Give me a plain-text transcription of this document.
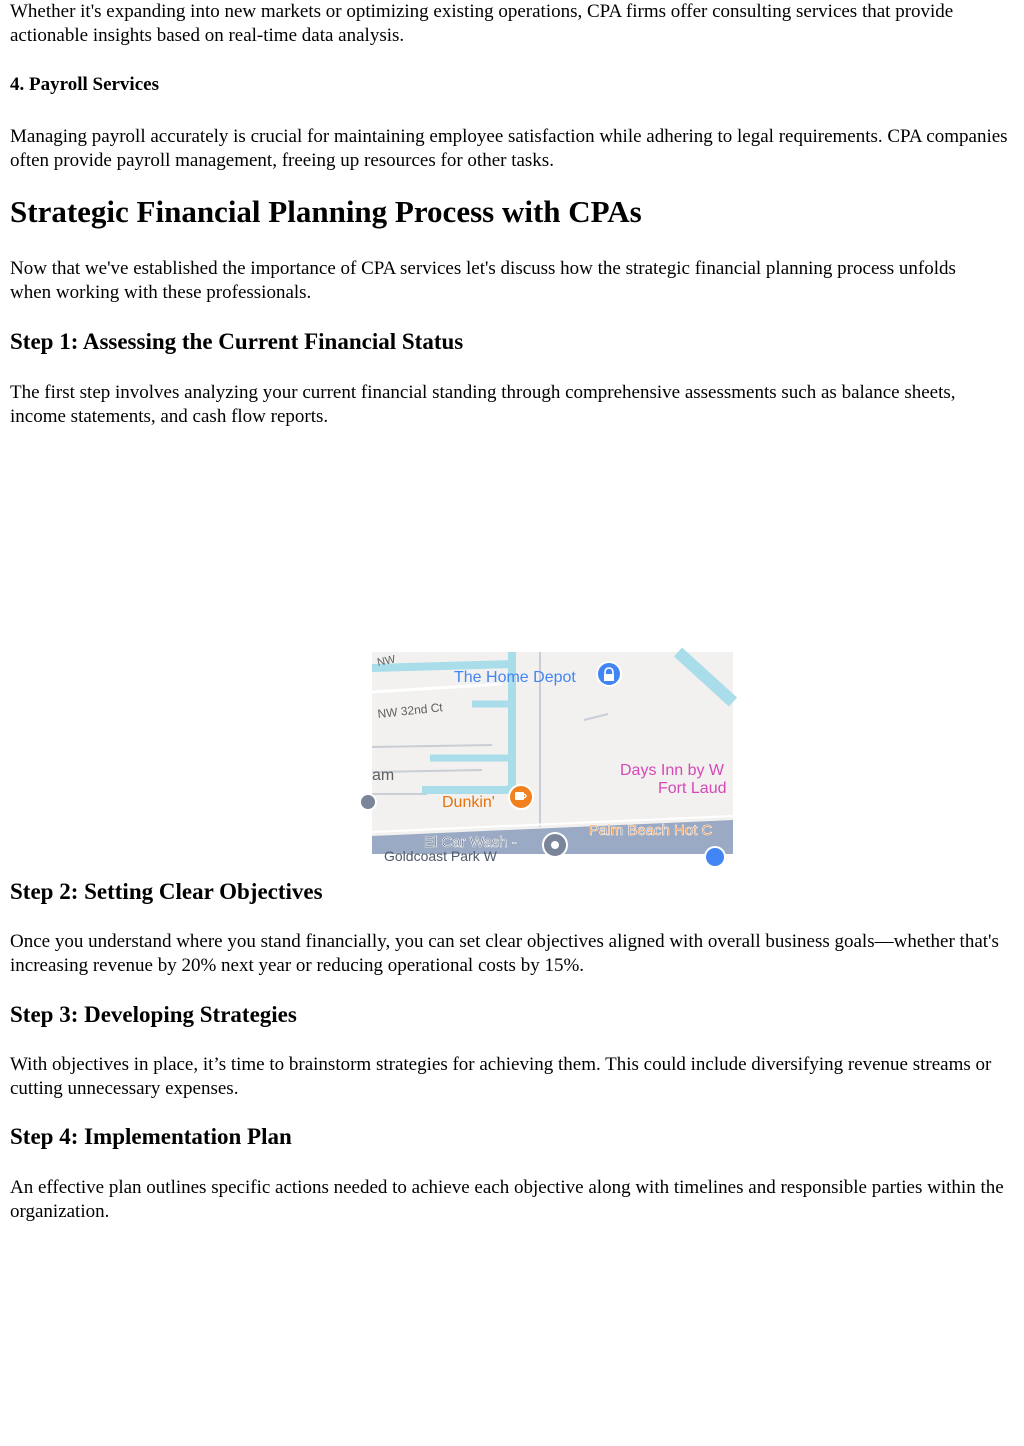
Whether it's expanding into new markets or optimizing existing operations, CPA firms offer consulting services that provide actionable insights based on real-time data analysis.

4. Payroll Services

Managing payroll accurately is crucial for maintaining employee satisfaction while adhering to legal requirements. CPA companies often provide payroll management, freeing up resources for other tasks.

Strategic Financial Planning Process with CPAs

Now that we've established the importance of CPA services let's discuss how the strategic financial planning process unfolds when working with these professionals.

Step 1: Assessing the Current Financial Status

The first step involves analyzing your current financial standing through comprehensive assessments such as balance sheets, income statements, and cash flow reports.

Step 2: Setting Clear Objectives

Once you understand where you stand financially, you can set clear objectives aligned with overall business goals—whether that's increasing revenue by 20% next year or reducing operational costs by 15%.

Step 3: Developing Strategies

With objectives in place, it’s time to brainstorm strategies for achieving them. This could include diversifying revenue streams or cutting unnecessary expenses.

Step 4: Implementation Plan

An effective plan outlines specific actions needed to achieve each objective along with timelines and responsible parties within the organization.

NW
NW 32nd Ct
The Home Depot
am
Dunkin'
Days Inn by W
Fort Laud
Palm Beach Hot C
El Car Wash -
Goldcoast Park W
